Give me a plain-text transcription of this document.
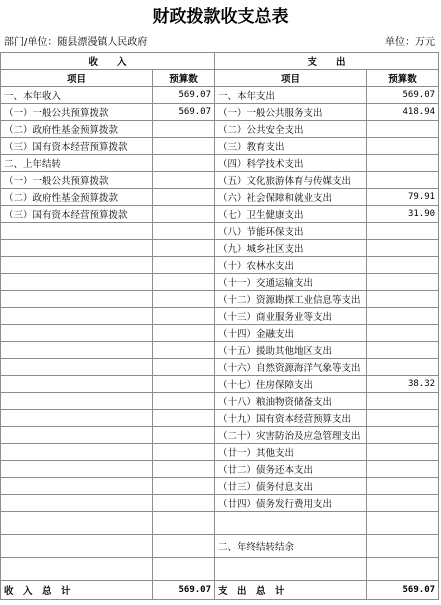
财政拨款收支总表
部门/单位：随县漂漫镇人民政府	单位：万元
收　　入		支　　出	
项目	预算数	项目	预算数
一、本年收入	569.07	一、本年支出	569.07
（一）一般公共预算拨款	569.07	（一）一般公共服务支出	418.94
（二）政府性基金预算拨款		（二）公共安全支出	
（三）国有资本经营预算拨款		（三）教育支出	
二、上年结转		（四）科学技术支出	
（一）一般公共预算拨款		（五）文化旅游体育与传媒支出	
（二）政府性基金预算拨款		（六）社会保障和就业支出	79.91
（三）国有资本经营预算拨款		（七）卫生健康支出	31.90
		（八）节能环保支出	
		（九）城乡社区支出	
		（十）农林水支出	
		（十一）交通运输支出	
		（十二）资源勘探工业信息等支出	
		（十三）商业服务业等支出	
		（十四）金融支出	
		（十五）援助其他地区支出	
		（十六）自然资源海洋气象等支出	
		（十七）住房保障支出	38.32
		（十八）粮油物资储备支出	
		（十九）国有资本经营预算支出	
		（二十）灾害防治及应急管理支出	
		（廿一）其他支出	
		（廿二）债务还本支出	
		（廿三）债务付息支出	
		（廿四）债务发行费用支出	

		二、年终结转结余	

收　入　总　计	569.07	支　出　总　计	569.07
